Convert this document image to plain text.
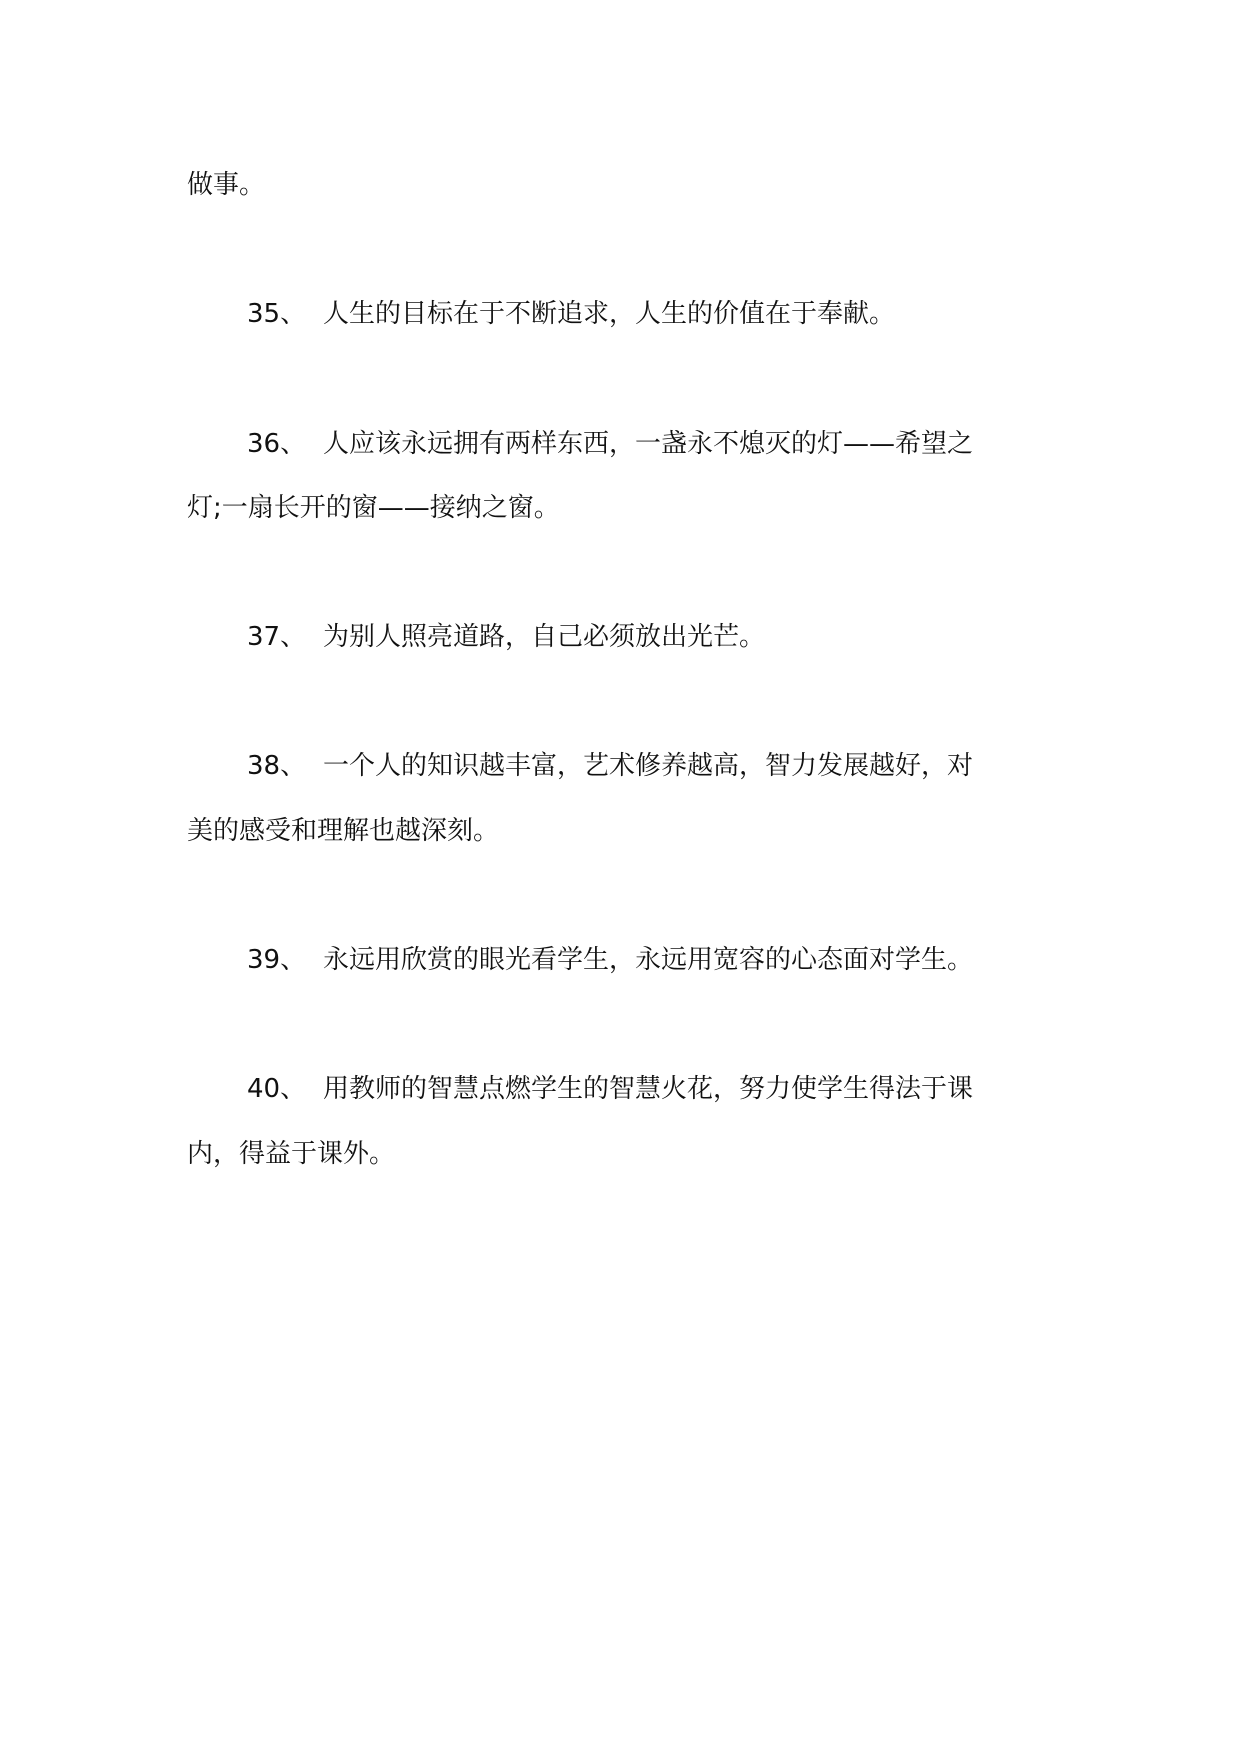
做事。
35、 人生的目标在于不断追求，人生的价值在于奉献。
36、 人应该永远拥有两样东西，一盏永不熄灭的灯——希望之
灯;一扇长开的窗——接纳之窗。
37、 为别人照亮道路，自己必须放出光芒。
38、 一个人的知识越丰富，艺术修养越高，智力发展越好，对
美的感受和理解也越深刻。
39、 永远用欣赏的眼光看学生，永远用宽容的心态面对学生。
40、 用教师的智慧点燃学生的智慧火花，努力使学生得法于课
内，得益于课外。
